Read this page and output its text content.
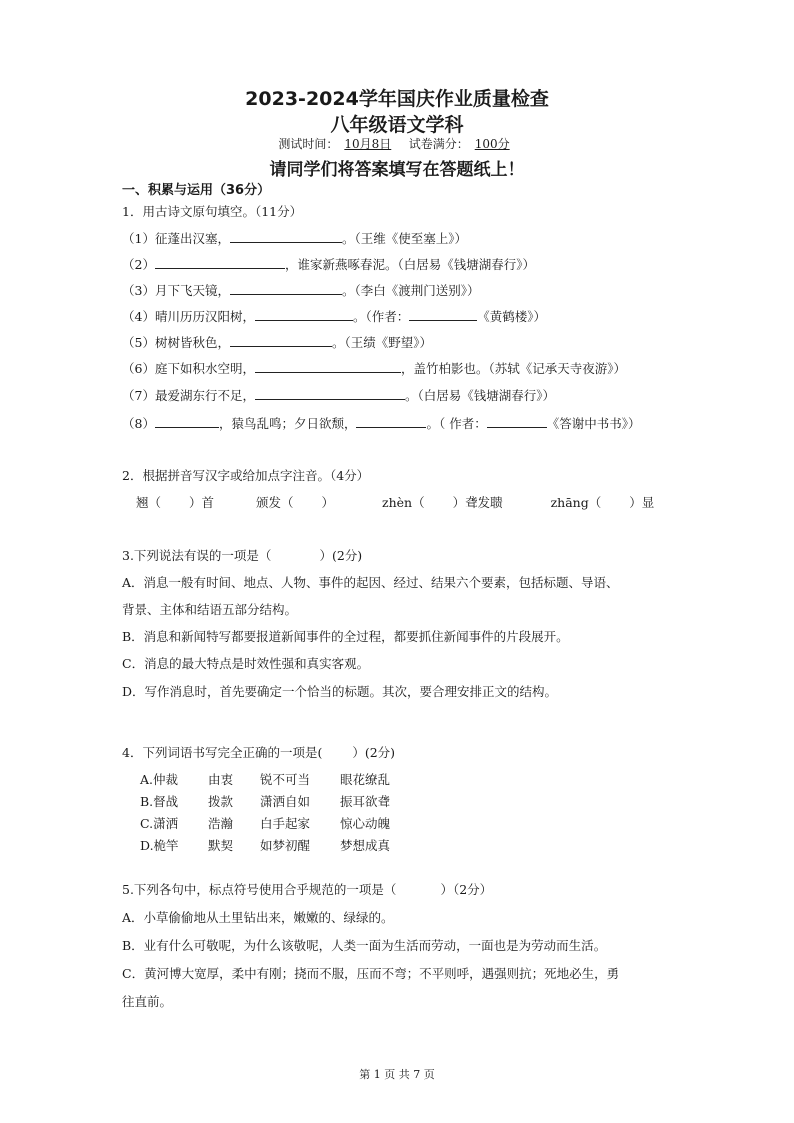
2023-2024学年国庆作业质量检查
八年级语文学科
测试时间： 10月8日 试卷满分： 100分
请同学们将答案填写在答题纸上！
一、积累与运用（36分）
1．用古诗文原句填空。（11分）
（1）征蓬出汉塞，	。（王维《使至塞上》）
（2）	，谁家新燕啄春泥。（白居易《钱塘湖春行》）
（3）月下飞天镜，	。（李白《渡荆门送别》）
（4）晴川历历汉阳树，	。（作者：	《黄鹤楼》）
（5）树树皆秋色，	。（王绩《野望》）
（6）庭下如积水空明，	，盖竹柏影也。（苏轼《记承天寺夜游》）
（7）最爱湖东行不足，	。（白居易《钱塘湖春行》）
（8）	，猿鸟乱鸣；夕日欲颓，	。（ 作者：	《答谢中书书》）
2．根据拼音写汉字或给加点字注音。（4分）
翘（ ）首	颁发（ ）	zhèn（ ）聋发聩	zhāng（ ）显
3.下列说法有误的一项是（	）(2分)
A．消息一般有时间、地点、人物、事件的起因、经过、结果六个要素，包括标题、导语、
背景、主体和结语五部分结构。
B．消息和新闻特写都要报道新闻事件的全过程，都要抓住新闻事件的片段展开。
C．消息的最大特点是时效性强和真实客观。
D．写作消息时，首先要确定一个恰当的标题。其次，要合理安排正文的结构。
4．下列词语书写完全正确的一项是( ）(2分)
A.仲裁 由衷 锐不可当 眼花缭乱
B.督战 拨款 潇洒自如 振耳欲聋
C.潇洒 浩瀚 白手起家 惊心动魄
D.桅竿 默契 如梦初醒 梦想成真
5.下列各句中，标点符号使用合乎规范的一项是（	）（2分）
A．小草偷偷地从土里钻出来，嫩嫩的、绿绿的。
B．业有什么可敬呢，为什么该敬呢，人类一面为生活而劳动，一面也是为劳动而生活。
C．黄河博大宽厚，柔中有刚；挠而不服，压而不弯；不平则呼，遇强则抗；死地必生，勇
往直前。
第 1 页 共 7 页
